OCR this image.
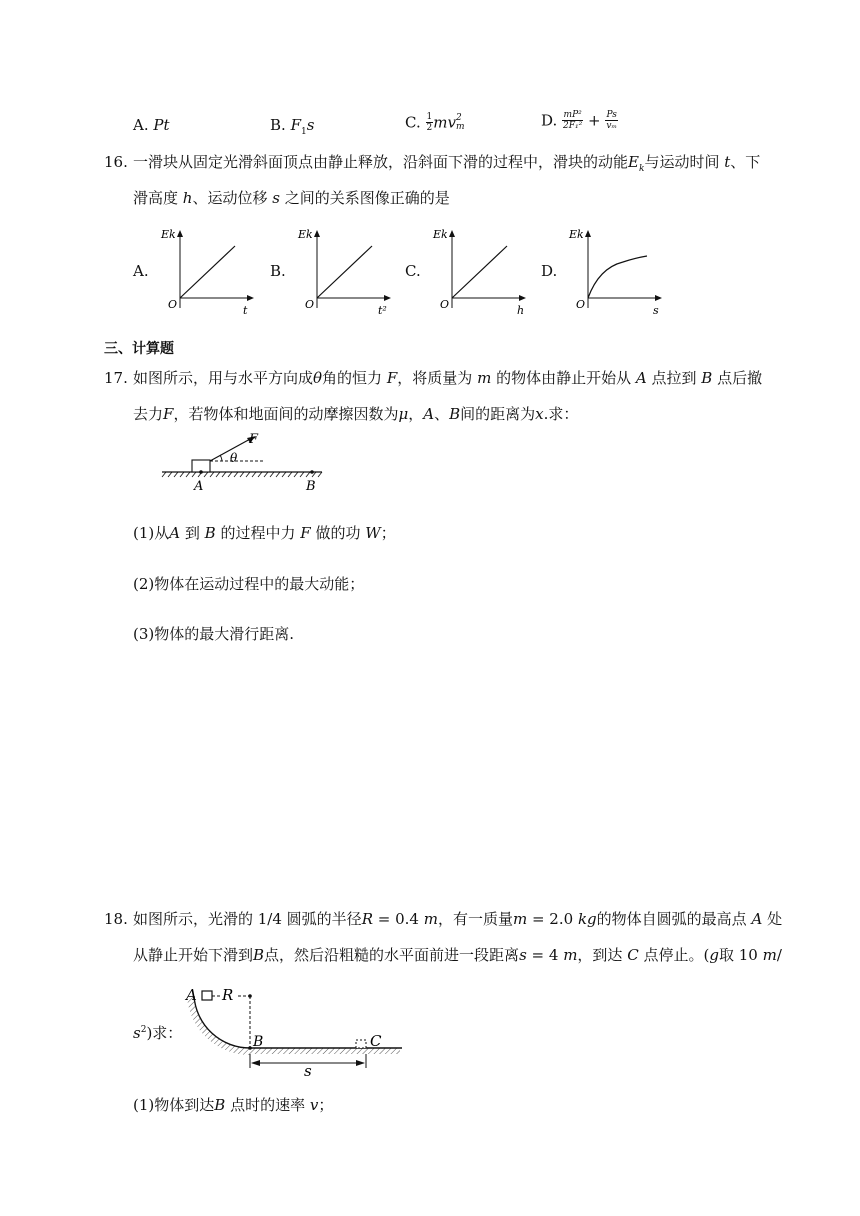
A. Pt	B. $F_1s$	C. $\frac{1}{2}$ mv 2
m	D. $\frac{\text{mP²}}{\text{2F₁²}} + \frac{Ps}{\text{vₘ}}$
16. 一滑块从固定光滑斜面顶点由静止释放，沿斜面下滑的过程中，滑块的动能$E_k$与运动时间 t、下
滑高度 h、运动位移 s 之间的关系图像正确的是
A.
Ek
O	t
B.
Ek
O	t²
C.
Ek
O	h
D.
Ek
O	s
三、计算题
17. 如图所示，用与水平方向成θ角的恒力 F，将质量为 m 的物体由静止开始从 A 点拉到 B 点后撤
去力F，若物体和地面间的动摩擦因数为μ，A、B间的距离为x.求：
F
θ
A	B
(1)从A 到 B 的过程中力 F 做的功 W；
(2)物体在运动过程中的最大动能；
(3)物体的最大滑行距离.
18. 如图所示，光滑的 1/4 圆弧的半径R = 0.4 m，有一质量m = 2.0 kg的物体自圆弧的最高点 A 处
从静止开始下滑到B点，然后沿粗糙的水平面前进一段距离s = 4 m，到达 C 点停止。(g取 10 m/
$s^2$)求：
A R
B	C
s
(1)物体到达B 点时的速率 v；
